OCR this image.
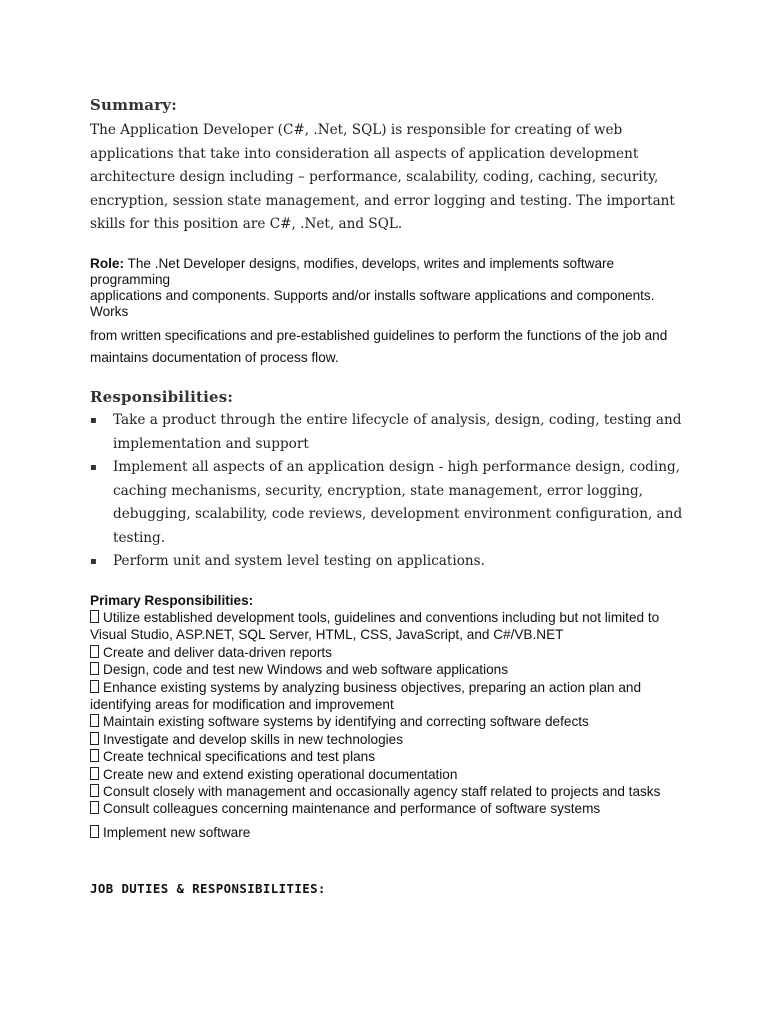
Summary:
The Application Developer (C#, .Net, SQL) is responsible for creating of web applications that take into consideration all aspects of application development architecture design including – performance, scalability, coding, caching, security, encryption, session state management, and error logging and testing. The important skills for this position are C#, .Net, and SQL.
Role: The .Net Developer designs, modifies, develops, writes and implements software
programming
applications and components. Supports and/or installs software applications and components.
Works
from written specifications and pre-established guidelines to perform the functions of the job and
maintains documentation of process flow.
Responsibilities:
▪ Take a product through the entire lifecycle of analysis, design, coding, testing and implementation and support
▪ Implement all aspects of an application design - high performance design, coding, caching mechanisms, security, encryption, state management, error logging, debugging, scalability, code reviews, development environment configuration, and testing.
▪ Perform unit and system level testing on applications.
Primary Responsibilities:
Utilize established development tools, guidelines and conventions including but not limited to
Visual Studio, ASP.NET, SQL Server, HTML, CSS, JavaScript, and C#/VB.NET
Create and deliver data-driven reports
Design, code and test new Windows and web software applications
Enhance existing systems by analyzing business objectives, preparing an action plan and
identifying areas for modification and improvement
Maintain existing software systems by identifying and correcting software defects
Investigate and develop skills in new technologies
Create technical specifications and test plans
Create new and extend existing operational documentation
Consult closely with management and occasionally agency staff related to projects and tasks
Consult colleagues concerning maintenance and performance of software systems
Implement new software
JOB DUTIES & RESPONSIBILITIES:
